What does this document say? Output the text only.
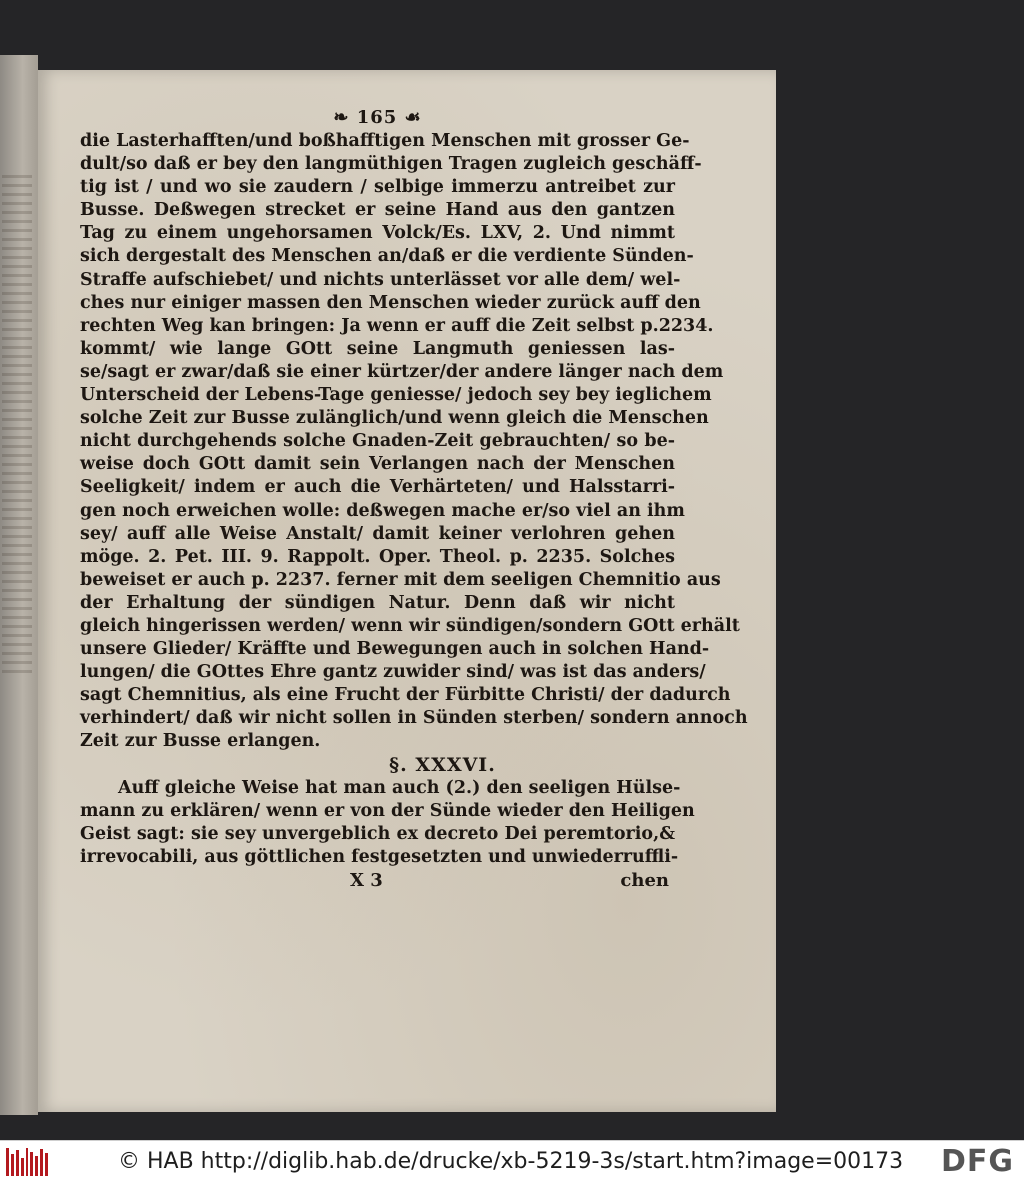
❧ 165 ☙
die Lasterhafften/und boßhafftigen Menschen mit grosser Ge-
dult/so daß er bey den langmüthigen Tragen zugleich geschäff-
tig ist / und wo sie zaudern / selbige immerzu antreibet zur
Busse. Deßwegen strecket er seine Hand aus den gantzen
Tag zu einem ungehorsamen Volck/Es. LXV, 2. Und nimmt
sich dergestalt des Menschen an/daß er die verdiente Sünden-
Straffe aufschiebet/ und nichts unterlässet vor alle dem/ wel-
ches nur einiger massen den Menschen wieder zurück auff den
rechten Weg kan bringen: Ja wenn er auff die Zeit selbst p.2234.
kommt/ wie lange GOtt seine Langmuth geniessen las-
se/sagt er zwar/daß sie einer kürtzer/der andere länger nach dem
Unterscheid der Lebens-Tage geniesse/ jedoch sey bey ieglichem
solche Zeit zur Busse zulänglich/und wenn gleich die Menschen
nicht durchgehends solche Gnaden-Zeit gebrauchten/ so be-
weise doch GOtt damit sein Verlangen nach der Menschen
Seeligkeit/ indem er auch die Verhärteten/ und Halsstarri-
gen noch erweichen wolle: deßwegen mache er/so viel an ihm
sey/ auff alle Weise Anstalt/ damit keiner verlohren gehen
möge. 2. Pet. III. 9. Rappolt. Oper. Theol. p. 2235. Solches
beweiset er auch p. 2237. ferner mit dem seeligen Chemnitio aus
der Erhaltung der sündigen Natur. Denn daß wir nicht
gleich hingerissen werden/ wenn wir sündigen/sondern GOtt erhält
unsere Glieder/ Kräffte und Bewegungen auch in solchen Hand-
lungen/ die GOttes Ehre gantz zuwider sind/ was ist das anders/
sagt Chemnitius, als eine Frucht der Fürbitte Christi/ der dadurch
verhindert/ daß wir nicht sollen in Sünden sterben/ sondern annoch
Zeit zur Busse erlangen.
§. XXXVI.
Auff gleiche Weise hat man auch (2.) den seeligen Hülse-
mann zu erklären/ wenn er von der Sünde wieder den Heiligen
Geist sagt: sie sey unvergeblich ex decreto Dei peremtorio,&
irrevocabili, aus göttlichen festgesetzten und unwiederruffli-
X 3	chen
© HAB http://diglib.hab.de/drucke/xb-5219-3s/start.htm?image=00173 DFG
